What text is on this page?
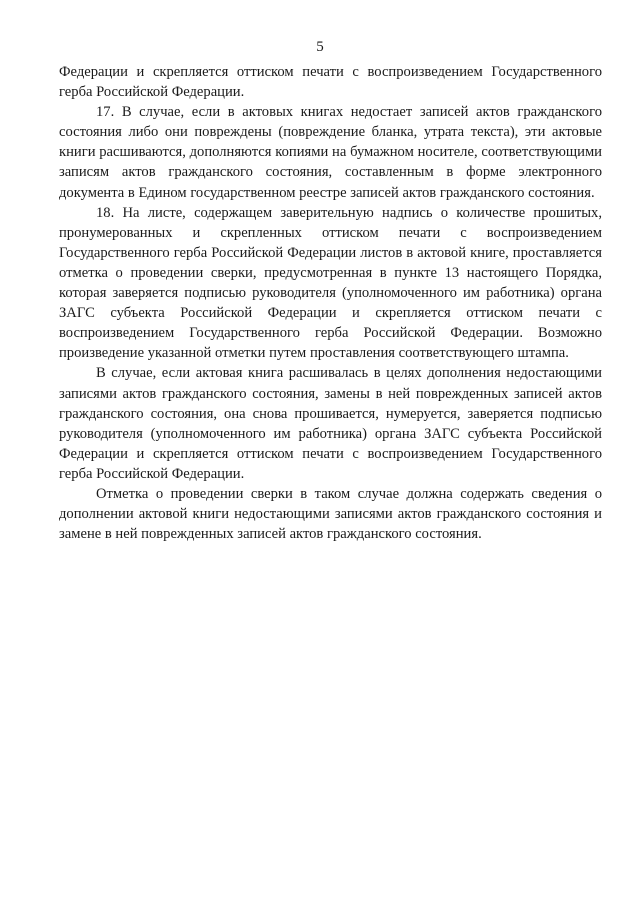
5

Федерации и скрепляется оттиском печати с воспроизведением Государственного герба Российской Федерации.

17. В случае, если в актовых книгах недостает записей актов гражданского состояния либо они повреждены (повреждение бланка, утрата текста), эти актовые книги расшиваются, дополняются копиями на бумажном носителе, соответствующими записям актов гражданского состояния, составленным в форме электронного документа в Едином государственном реестре записей актов гражданского состояния.

18. На листе, содержащем заверительную надпись о количестве прошитых, пронумерованных и скрепленных оттиском печати с воспроизведением Государственного герба Российской Федерации листов в актовой книге, проставляется отметка о проведении сверки, предусмотренная в пункте 13 настоящего Порядка, которая заверяется подписью руководителя (уполномоченного им работника) органа ЗАГС субъекта Российской Федерации и скрепляется оттиском печати с воспроизведением Государственного герба Российской Федерации. Возможно произведение указанной отметки путем проставления соответствующего штампа.

В случае, если актовая книга расшивалась в целях дополнения недостающими записями актов гражданского состояния, замены в ней поврежденных записей актов гражданского состояния, она снова прошивается, нумеруется, заверяется подписью руководителя (уполномоченного им работника) органа ЗАГС субъекта Российской Федерации и скрепляется оттиском печати с воспроизведением Государственного герба Российской Федерации.

Отметка о проведении сверки в таком случае должна содержать сведения о дополнении актовой книги недостающими записями актов гражданского состояния и замене в ней поврежденных записей актов гражданского состояния.
